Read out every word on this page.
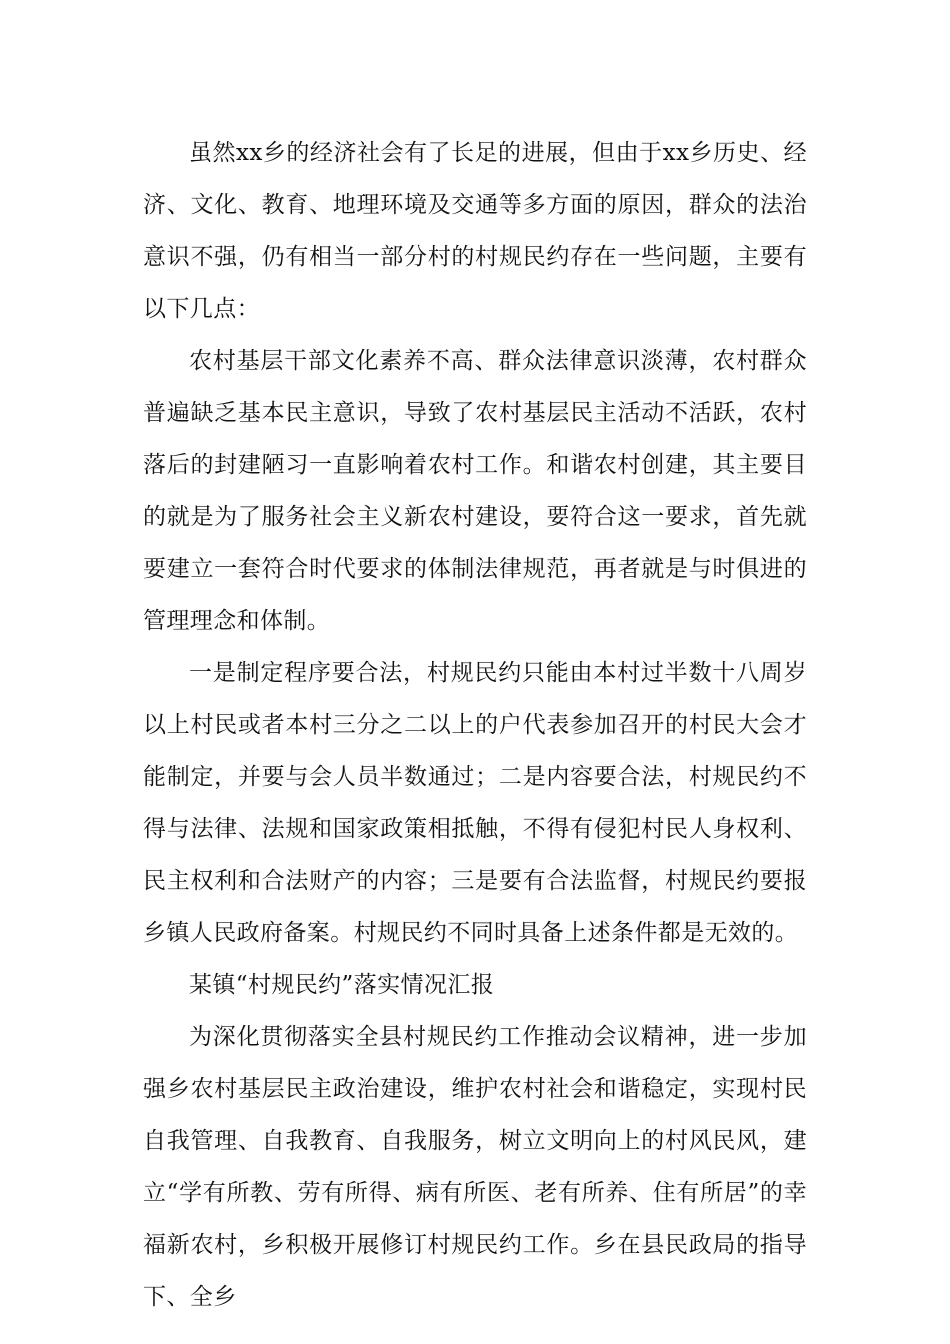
虽然xx乡的经济社会有了长足的进展，但由于xx乡历史、经济、文化、教育、地理环境及交通等多方面的原因，群众的法治意识不强，仍有相当一部分村的村规民约存在一些问题，主要有以下几点：

农村基层干部文化素养不高、群众法律意识淡薄，农村群众普遍缺乏基本民主意识，导致了农村基层民主活动不活跃，农村落后的封建陋习一直影响着农村工作。和谐农村创建，其主要目的就是为了服务社会主义新农村建设，要符合这一要求，首先就要建立一套符合时代要求的体制法律规范，再者就是与时俱进的管理理念和体制。

一是制定程序要合法，村规民约只能由本村过半数十八周岁以上村民或者本村三分之二以上的户代表参加召开的村民大会才能制定，并要与会人员半数通过；二是内容要合法，村规民约不得与法律、法规和国家政策相抵触，不得有侵犯村民人身权利、民主权利和合法财产的内容；三是要有合法监督，村规民约要报乡镇人民政府备案。村规民约不同时具备上述条件都是无效的。

某镇“村规民约”落实情况汇报

为深化贯彻落实全县村规民约工作推动会议精神，进一步加强乡农村基层民主政治建设，维护农村社会和谐稳定，实现村民自我管理、自我教育、自我服务，树立文明向上的村风民风，建立“学有所教、劳有所得、病有所医、老有所养、住有所居”的幸福新农村，乡积极开展修订村规民约工作。乡在县民政局的指导下、全乡
